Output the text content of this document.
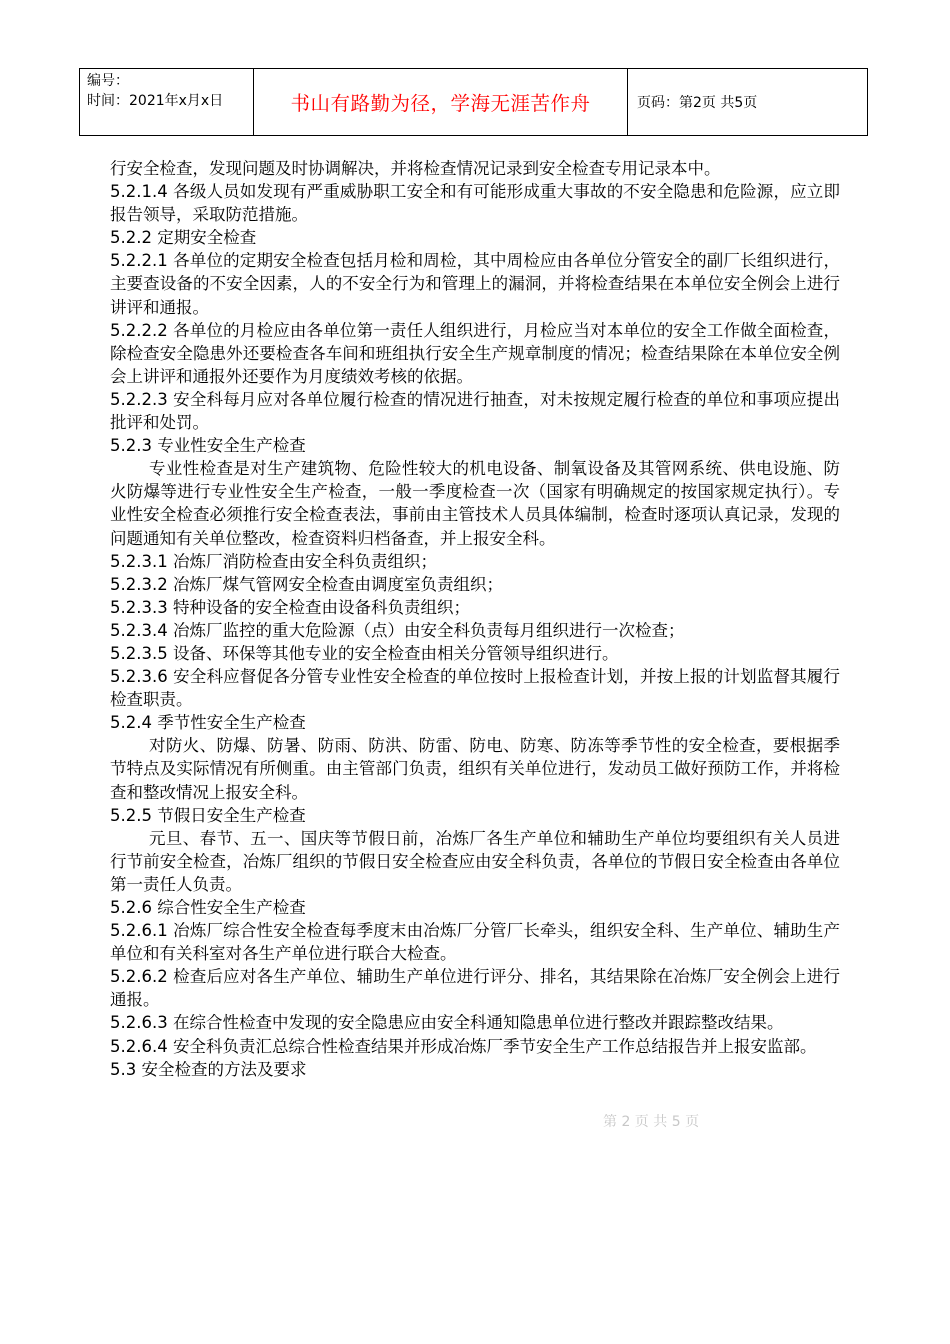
编号：
时间：2021年x月x日	书山有路勤为径，学海无涯苦作舟	页码：第2页 共5页

行安全检查，发现问题及时协调解决，并将检查情况记录到安全检查专用记录本中。

5.2.1.4 各级人员如发现有严重威胁职工安全和有可能形成重大事故的不安全隐患和危险源，应立即报告领导，采取防范措施。

5.2.2 定期安全检查

5.2.2.1 各单位的定期安全检查包括月检和周检，其中周检应由各单位分管安全的副厂长组织进行，主要查设备的不安全因素，人的不安全行为和管理上的漏洞，并将检查结果在本单位安全例会上进行讲评和通报。

5.2.2.2 各单位的月检应由各单位第一责任人组织进行，月检应当对本单位的安全工作做全面检查，除检查安全隐患外还要检查各车间和班组执行安全生产规章制度的情况；检查结果除在本单位安全例会上讲评和通报外还要作为月度绩效考核的依据。

5.2.2.3 安全科每月应对各单位履行检查的情况进行抽查，对未按规定履行检查的单位和事项应提出批评和处罚。

5.2.3 专业性安全生产检查

专业性检查是对生产建筑物、危险性较大的机电设备、制氧设备及其管网系统、供电设施、防火防爆等进行专业性安全生产检查，一般一季度检查一次（国家有明确规定的按国家规定执行）。专业性安全检查必须推行安全检查表法，事前由主管技术人员具体编制，检查时逐项认真记录，发现的问题通知有关单位整改，检查资料归档备查，并上报安全科。

5.2.3.1 冶炼厂消防检查由安全科负责组织；

5.2.3.2 冶炼厂煤气管网安全检查由调度室负责组织；

5.2.3.3 特种设备的安全检查由设备科负责组织；

5.2.3.4 冶炼厂监控的重大危险源（点）由安全科负责每月组织进行一次检查；

5.2.3.5 设备、环保等其他专业的安全检查由相关分管领导组织进行。

5.2.3.6 安全科应督促各分管专业性安全检查的单位按时上报检查计划，并按上报的计划监督其履行检查职责。

5.2.4 季节性安全生产检查

对防火、防爆、防暑、防雨、防洪、防雷、防电、防寒、防冻等季节性的安全检查，要根据季节特点及实际情况有所侧重。由主管部门负责，组织有关单位进行，发动员工做好预防工作，并将检查和整改情况上报安全科。

5.2.5 节假日安全生产检查

元旦、春节、五一、国庆等节假日前，冶炼厂各生产单位和辅助生产单位均要组织有关人员进行节前安全检查，冶炼厂组织的节假日安全检查应由安全科负责，各单位的节假日安全检查由各单位第一责任人负责。

5.2.6 综合性安全生产检查

5.2.6.1 冶炼厂综合性安全检查每季度末由冶炼厂分管厂长牵头，组织安全科、生产单位、辅助生产单位和有关科室对各生产单位进行联合大检查。

5.2.6.2 检查后应对各生产单位、辅助生产单位进行评分、排名，其结果除在冶炼厂安全例会上进行通报。

5.2.6.3 在综合性检查中发现的安全隐患应由安全科通知隐患单位进行整改并跟踪整改结果。

5.2.6.4 安全科负责汇总综合性检查结果并形成冶炼厂季节安全生产工作总结报告并上报安监部。

5.3 安全检查的方法及要求

第 2 页 共 5 页
